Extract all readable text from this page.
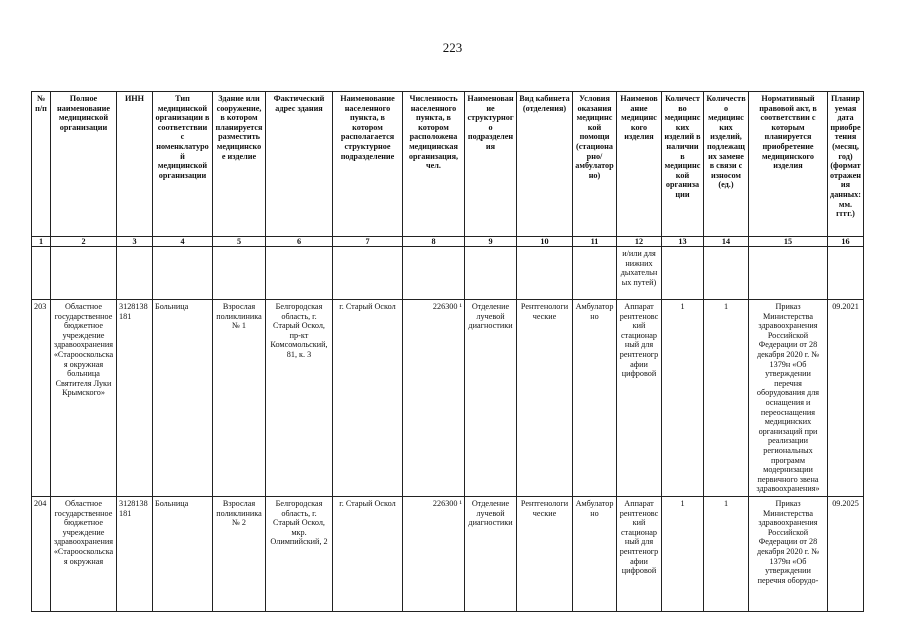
223
№ п/п	Полное наименование медицинской организации	ИНН	Тип медицинской организации в соответствии с номенклатурой медицинской организации	Здание или сооружение, в котором планируется разместить медицинское изделие	Фактический адрес здания	Наименование населенного пункта, в котором располагается структурное подразделение	Численность населенного пункта, в котором расположена медицинская организация, чел.	Наименование структурного подразделения	Вид кабинета (отделения)	Условия оказания медицинской помощи (стационарно/ амбулаторно)	Наименование медицинского изделия	Количество медицинских изделий в наличии в медицинской организации	Количество медицинских изделий, подлежащих замене в связи с износом (ед.)	Нормативный правовой акт, в соответствии с которым планируется приобретение медицинского изделия	Планируемая дата приобретения (месяц, год) (формат отражения данных: мм. гггг.)
1	2	3	4	5	6	7	8	9	10	11	12	13	14	15	16
											и/или для нижних дыхательных путей)				
203	Областное государственное бюджетное учреждение здравоохранения «Старооскольская окружная больница Святителя Луки Крымского»	3128138181	Больница	Взрослая поликлиника № 1	Белгородская область, г. Старый Оскол, пр-кт Комсомольский, 81, к. 3	г. Старый Оскол	226300 ¹	Отделение лучевой диагностики	Рентгенологические	Амбулаторно	Аппарат рентгеновский стационарный для рентгенографии цифровой	1	1	Приказ Министерства здравоохранения Российской Федерации от 28 декабря 2020 г. № 1379н «Об утверждении перечня оборудования для оснащения и переоснащения медицинских организаций при реализации региональных программ модернизации первичного звена здравоохранения»	09.2021
204	Областное государственное бюджетное учреждение здравоохранения «Старооскольская окружная	3128138181	Больница	Взрослая поликлиника № 2	Белгородская область, г. Старый Оскол, мкр. Олимпийский, 2	г. Старый Оскол	226300 ¹	Отделение лучевой диагностики	Рентгенологические	Амбулаторно	Аппарат рентгеновский стационарный для рентгенографии цифровой	1	1	Приказ Министерства здравоохранения Российской Федерации от 28 декабря 2020 г. № 1379н «Об утверждении перечня оборудо-	09.2025
